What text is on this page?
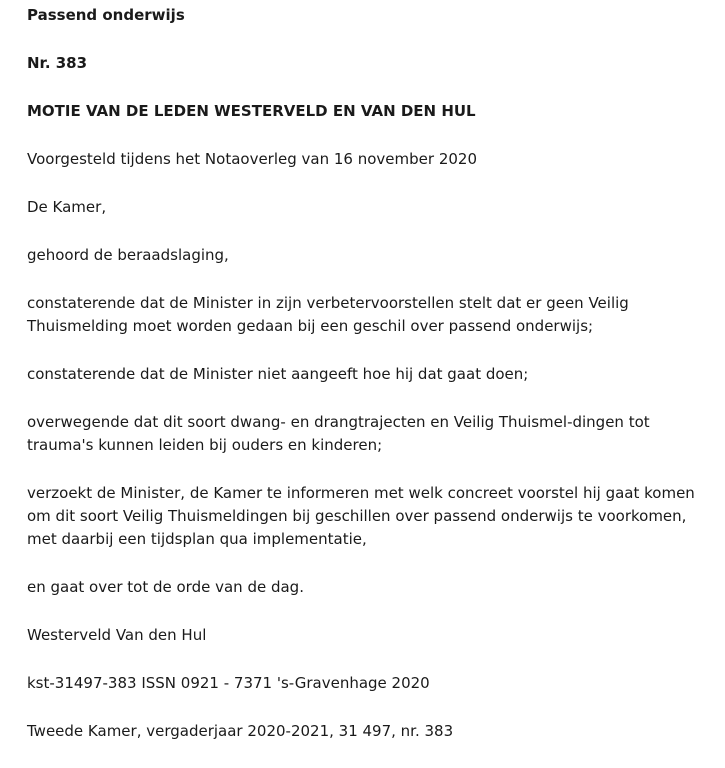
Passend onderwijs
Nr. 383
MOTIE VAN DE LEDEN WESTERVELD EN VAN DEN HUL
Voorgesteld tijdens het Notaoverleg van 16 november 2020
De Kamer,
gehoord de beraadslaging,
constaterende dat de Minister in zijn verbetervoorstellen stelt dat er geen Veilig Thuismelding moet worden gedaan bij een geschil over passend onderwijs;
constaterende dat de Minister niet aangeeft hoe hij dat gaat doen;
overwegende dat dit soort dwang- en drangtrajecten en Veilig Thuismel-dingen tot trauma's kunnen leiden bij ouders en kinderen;
verzoekt de Minister, de Kamer te informeren met welk concreet voorstel hij gaat komen om dit soort Veilig Thuismeldingen bij geschillen over passend onderwijs te voorkomen, met daarbij een tijdsplan qua implementatie,
en gaat over tot de orde van de dag.
Westerveld Van den Hul
kst-31497-383 ISSN 0921 - 7371 's-Gravenhage 2020
Tweede Kamer, vergaderjaar 2020-2021, 31 497, nr. 383
